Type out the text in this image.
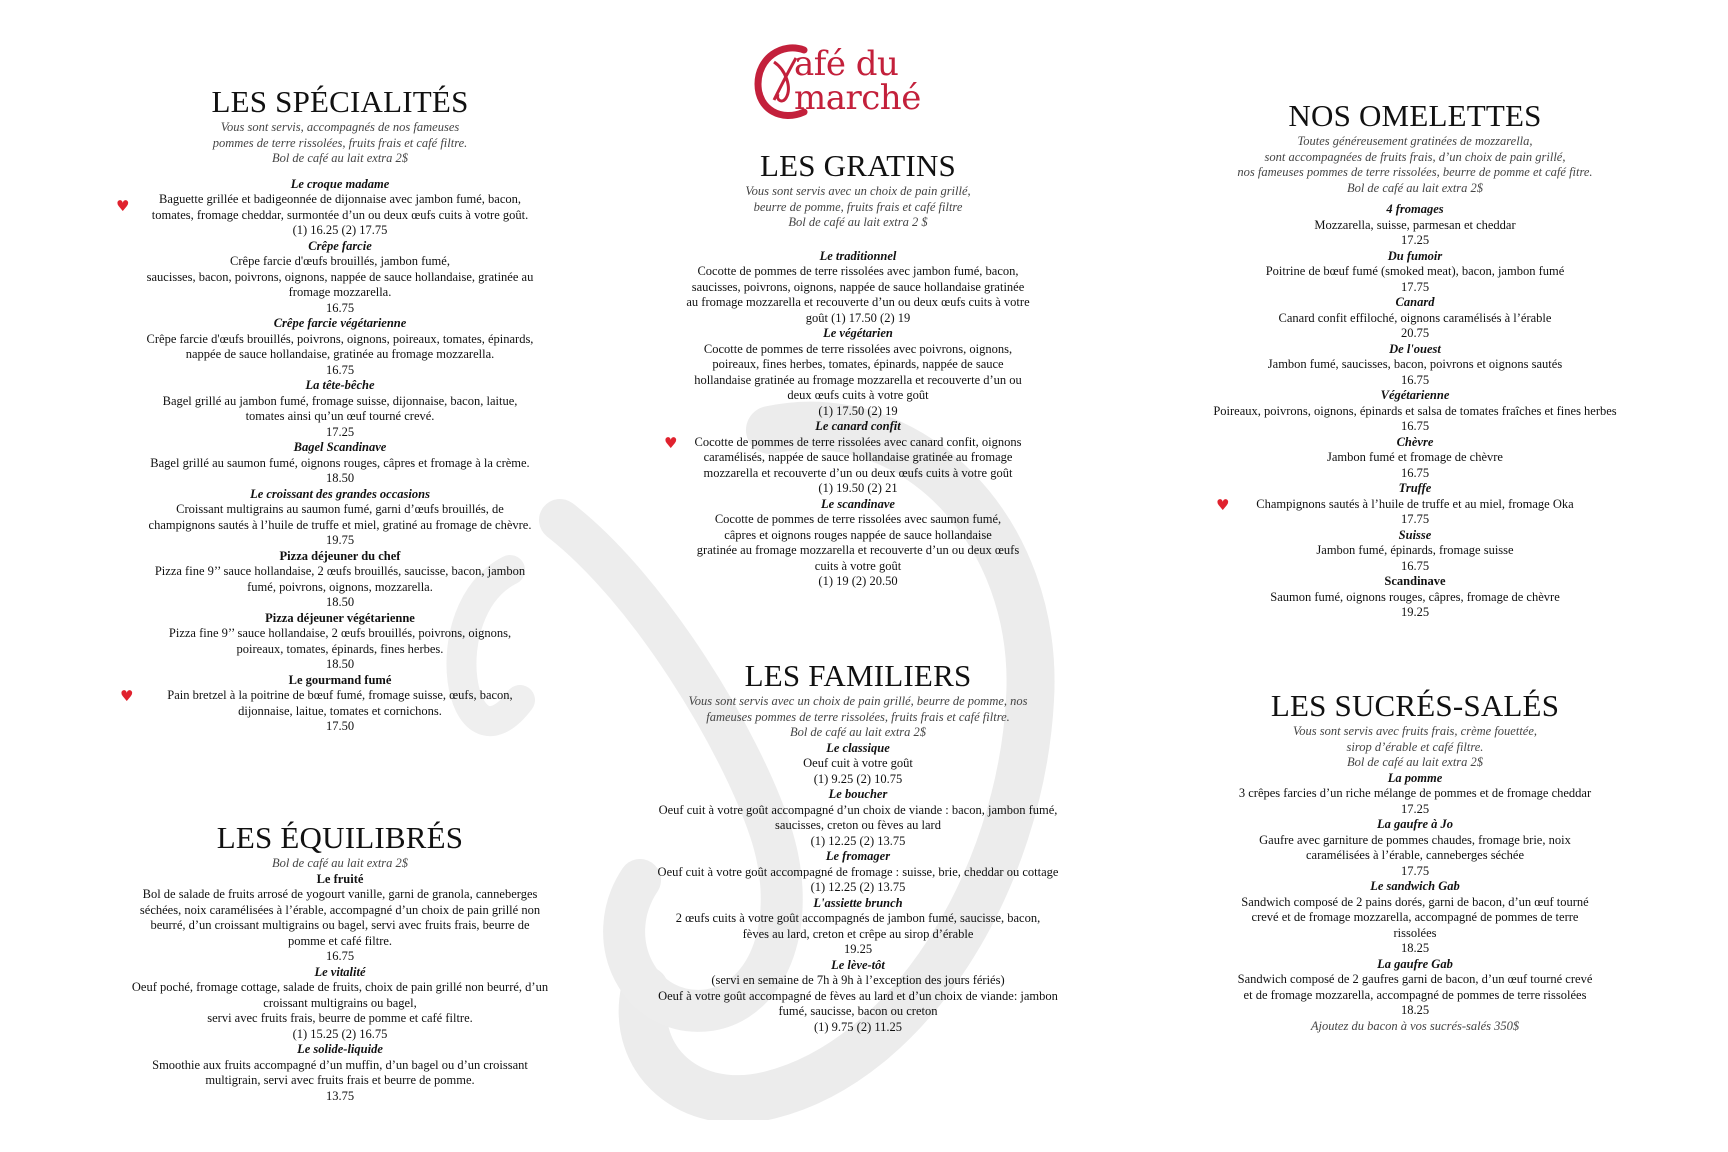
afé du
marché
LES SPÉCIALITÉS
Vous sont servis, accompagnés de nos fameuses
pommes de terre rissolées, fruits frais et café filtre.
Bol de café au lait extra 2$
♥
Le croque madame
Baguette grillée et badigeonnée de dijonnaise avec jambon fumé, bacon,
tomates, fromage cheddar, surmontée d’un ou deux œufs cuits à votre goût.
(1) 16.25 (2) 17.75
Crêpe farcie
Crêpe farcie d'œufs brouillés, jambon fumé,
saucisses, bacon, poivrons, oignons, nappée de sauce hollandaise, gratinée au
fromage mozzarella.
16.75
Crêpe farcie végétarienne
Crêpe farcie d'œufs brouillés, poivrons, oignons, poireaux, tomates, épinards,
nappée de sauce hollandaise, gratinée au fromage mozzarella.
16.75
La tête-bêche
Bagel grillé au jambon fumé, fromage suisse, dijonnaise, bacon, laitue,
tomates ainsi qu’un œuf tourné crevé.
17.25
Bagel Scandinave
Bagel grillé au saumon fumé, oignons rouges, câpres et fromage à la crème.
18.50
Le croissant des grandes occasions
Croissant multigrains au saumon fumé, garni d’œufs brouillés, de
champignons sautés à l’huile de truffe et miel, gratiné au fromage de chèvre.
19.75
Pizza déjeuner du chef
Pizza fine 9’’ sauce hollandaise, 2 œufs brouillés, saucisse, bacon, jambon
fumé, poivrons, oignons, mozzarella.
18.50
Pizza déjeuner végétarienne
Pizza fine 9’’ sauce hollandaise, 2 œufs brouillés, poivrons, oignons,
poireaux, tomates, épinards, fines herbes.
18.50
♥
Le gourmand fumé
Pain bretzel à la poitrine de bœuf fumé, fromage suisse, œufs, bacon,
dijonnaise, laitue, tomates et cornichons.
17.50
LES ÉQUILIBRÉS
Bol de café au lait extra 2$
Le fruité
Bol de salade de fruits arrosé de yogourt vanille, garni de granola, canneberges
séchées, noix caramélisées à l’érable, accompagné d’un choix de pain grillé non
beurré, d’un croissant multigrains ou bagel, servi avec fruits frais, beurre de
pomme et café filtre.
16.75
Le vitalité
Oeuf poché, fromage cottage, salade de fruits, choix de pain grillé non beurré, d’un
croissant multigrains ou bagel,
servi avec fruits frais, beurre de pomme et café filtre.
(1) 15.25 (2) 16.75
Le solide-liquide
Smoothie aux fruits accompagné d’un muffin, d’un bagel ou d’un croissant
multigrain, servi avec fruits frais et beurre de pomme.
13.75
LES GRATINS
Vous sont servis avec un choix de pain grillé,
beurre de pomme, fruits frais et café filtre
Bol de café au lait extra 2 $
Le traditionnel
Cocotte de pommes de terre rissolées avec jambon fumé, bacon,
saucisses, poivrons, oignons, nappée de sauce hollandaise gratinée
au fromage mozzarella et recouverte d’un ou deux œufs cuits à votre
goût (1) 17.50 (2) 19
Le végétarien
Cocotte de pommes de terre rissolées avec poivrons, oignons,
poireaux, fines herbes, tomates, épinards, nappée de sauce
hollandaise gratinée au fromage mozzarella et recouverte d’un ou
deux œufs cuits à votre goût
(1) 17.50 (2) 19
♥
Le canard confit
Cocotte de pommes de terre rissolées avec canard confit, oignons
caramélisés, nappée de sauce hollandaise gratinée au fromage
mozzarella et recouverte d’un ou deux œufs cuits à votre goût
(1) 19.50 (2) 21
Le scandinave
Cocotte de pommes de terre rissolées avec saumon fumé,
câpres et oignons rouges nappée de sauce hollandaise
gratinée au fromage mozzarella et recouverte d’un ou deux œufs
cuits à votre goût
(1) 19 (2) 20.50
LES FAMILIERS
Vous sont servis avec un choix de pain grillé, beurre de pomme, nos
fameuses pommes de terre rissolées, fruits frais et café filtre.
Bol de café au lait extra 2$
Le classique
Oeuf cuit à votre goût
(1) 9.25 (2) 10.75
Le boucher
Oeuf cuit à votre goût accompagné d’un choix de viande : bacon, jambon fumé,
saucisses, creton ou fèves au lard
(1) 12.25 (2) 13.75
Le fromager
Oeuf cuit à votre goût accompagné de fromage : suisse, brie, cheddar ou cottage
(1) 12.25 (2) 13.75
L'assiette brunch
2 œufs cuits à votre goût accompagnés de jambon fumé, saucisse, bacon,
fèves au lard, creton et crêpe au sirop d’érable
19.25
Le lève-tôt
(servi en semaine de 7h à 9h à l’exception des jours fériés)
Oeuf à votre goût accompagné de fèves au lard et d’un choix de viande: jambon
fumé, saucisse, bacon ou creton
(1) 9.75 (2) 11.25
NOS OMELETTES
Toutes généreusement gratinées de mozzarella,
sont accompagnées de fruits frais, d’un choix de pain grillé,
nos fameuses pommes de terre rissolées, beurre de pomme et café fitre.
Bol de café au lait extra 2$
4 fromages
Mozzarella, suisse, parmesan et cheddar
17.25
Du fumoir
Poitrine de bœuf fumé (smoked meat), bacon, jambon fumé
17.75
Canard
Canard confit effiloché, oignons caramélisés à l’érable
20.75
De l'ouest
Jambon fumé, saucisses, bacon, poivrons et oignons sautés
16.75
Végétarienne
Poireaux, poivrons, oignons, épinards et salsa de tomates fraîches et fines herbes
16.75
Chèvre
Jambon fumé et fromage de chèvre
16.75
♥
Truffe
Champignons sautés à l’huile de truffe et au miel, fromage Oka
17.75
Suisse
Jambon fumé, épinards, fromage suisse
16.75
Scandinave
Saumon fumé, oignons rouges, câpres, fromage de chèvre
19.25
LES SUCRÉS-SALÉS
Vous sont servis avec fruits frais, crème fouettée,
sirop d’érable et café filtre.
Bol de café au lait extra 2$
La pomme
3 crêpes farcies d’un riche mélange de pommes et de fromage cheddar
17.25
La gaufre à Jo
Gaufre avec garniture de pommes chaudes, fromage brie, noix
caramélisées à l’érable, canneberges séchée
17.75
Le sandwich Gab
Sandwich composé de 2 pains dorés, garni de bacon, d’un œuf tourné
crevé et de fromage mozzarella, accompagné de pommes de terre
rissolées
18.25
La gaufre Gab
Sandwich composé de 2 gaufres garni de bacon, d’un œuf tourné crevé
et de fromage mozzarella, accompagné de pommes de terre rissolées
18.25
Ajoutez du bacon à vos sucrés-salés 350$
